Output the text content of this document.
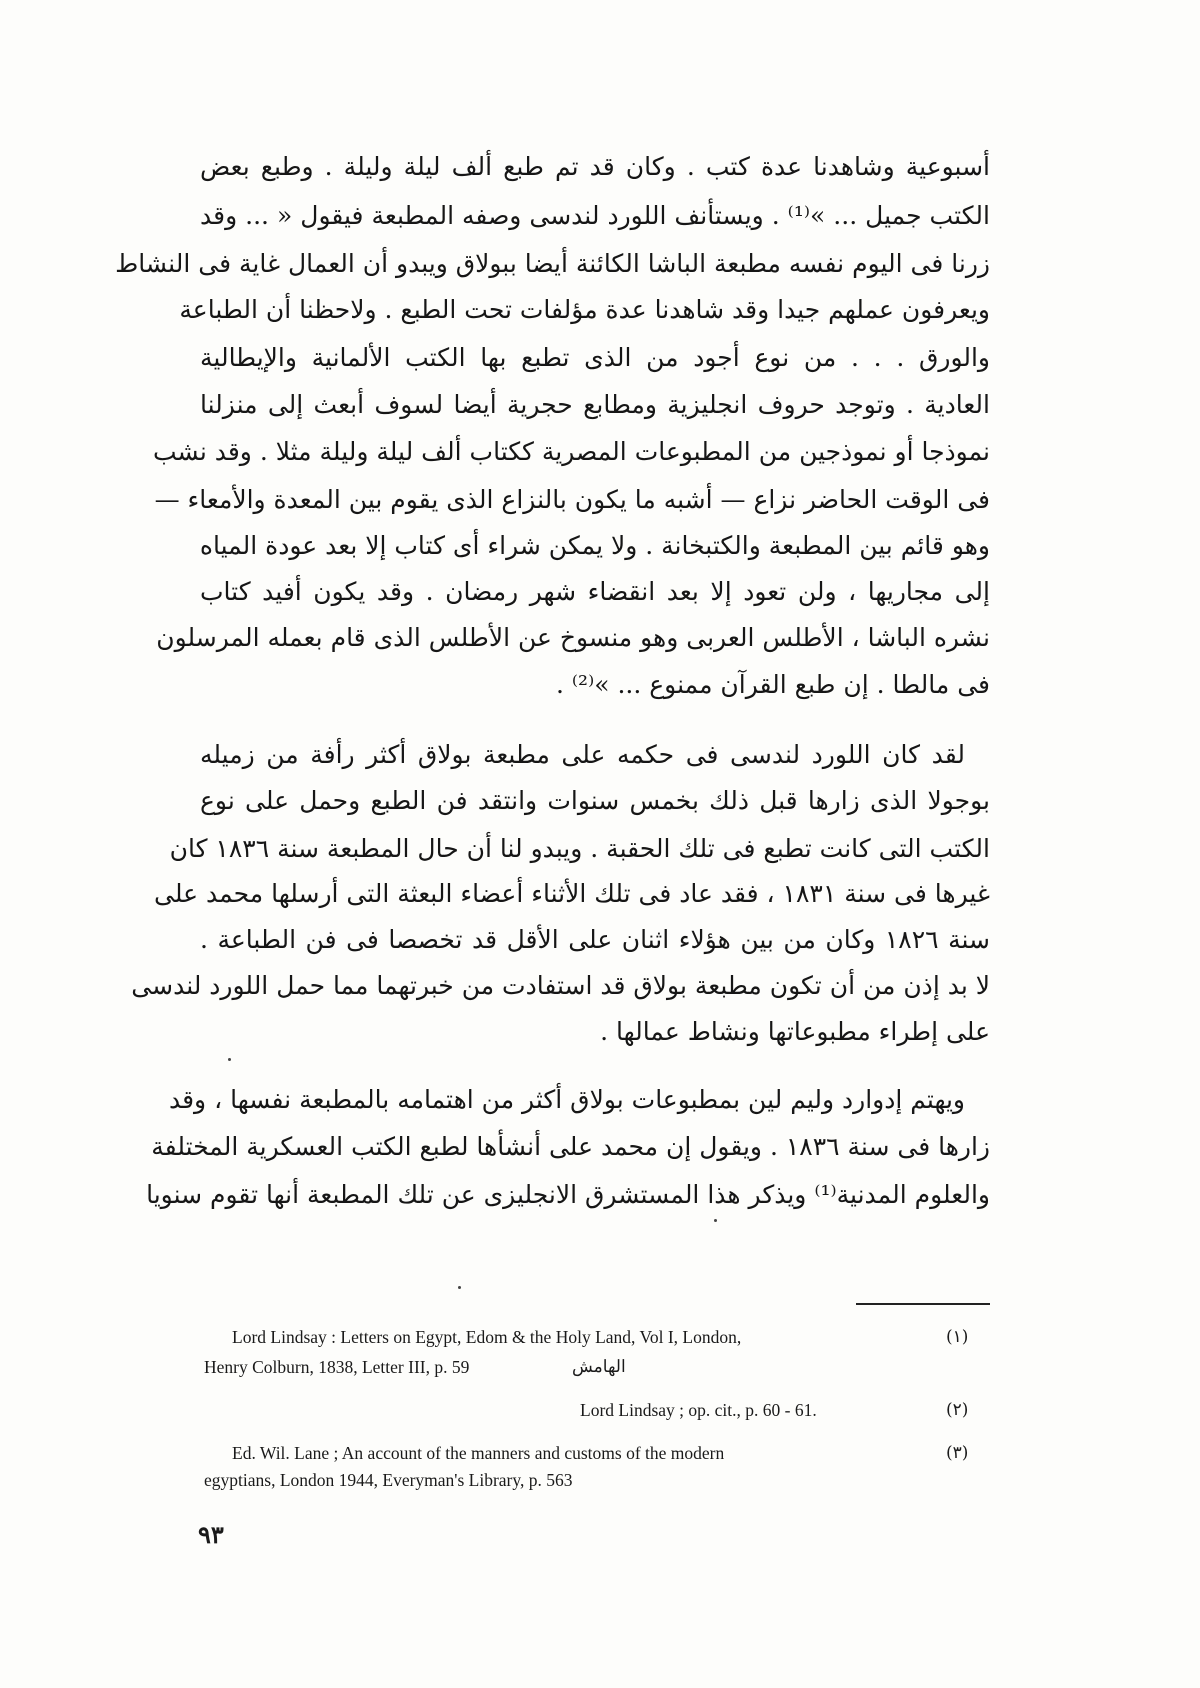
أسبوعية وشاهدنا عدة كتب . وكان قد تم طبع ألف ليلة وليلة . وطبع بعض
الكتب جميل ... »⁽¹⁾ . ويستأنف اللورد لندسى وصفه المطبعة فيقول « ... وقد
زرنا فى اليوم نفسه مطبعة الباشا الكائنة أيضا ببولاق ويبدو أن العمال غاية فى النشاط
ويعرفون عملهم جيدا وقد شاهدنا عدة مؤلفات تحت الطبع . ولاحظنا أن الطباعة
والورق . . . من نوع أجود من الذى تطبع بها الكتب الألمانية والإيطالية
العادية . وتوجد حروف انجليزية ومطابع حجرية أيضا لسوف أبعث إلى منزلنا
نموذجا أو نموذجين من المطبوعات المصرية ككتاب ألف ليلة وليلة مثلا . وقد نشب
فى الوقت الحاضر نزاع — أشبه ما يكون بالنزاع الذى يقوم بين المعدة والأمعاء —
وهو قائم بين المطبعة والكتبخانة . ولا يمكن شراء أى كتاب إلا بعد عودة المياه
إلى مجاريها ، ولن تعود إلا بعد انقضاء شهر رمضان . وقد يكون أفيد كتاب
نشره الباشا ، الأطلس العربى وهو منسوخ عن الأطلس الذى قام بعمله المرسلون
فى مالطا . إن طبع القرآن ممنوع ... »⁽²⁾ .
لقد كان اللورد لندسى فى حكمه على مطبعة بولاق أكثر رأفة من زميله
بوجولا الذى زارها قبل ذلك بخمس سنوات وانتقد فن الطبع وحمل على نوع
الكتب التى كانت تطبع فى تلك الحقبة . ويبدو لنا أن حال المطبعة سنة ١٨٣٦ كان
غيرها فى سنة ١٨٣١ ، فقد عاد فى تلك الأثناء أعضاء البعثة التى أرسلها محمد على
سنة ١٨٢٦ وكان من بين هؤلاء اثنان على الأقل قد تخصصا فى فن الطباعة .
لا بد إذن من أن تكون مطبعة بولاق قد استفادت من خبرتهما مما حمل اللورد لندسى
على إطراء مطبوعاتها ونشاط عمالها .
ويهتم إدوارد وليم لين بمطبوعات بولاق أكثر من اهتمامه بالمطبعة نفسها ، وقد
زارها فى سنة ١٨٣٦ . ويقول إن محمد على أنشأها لطبع الكتب العسكرية المختلفة
والعلوم المدنية⁽¹⁾ ويذكر هذا المستشرق الانجليزى عن تلك المطبعة أنها تقوم سنويا
(١)
Lord Lindsay : Letters on Egypt, Edom & the Holy Land, Vol I, London,
Henry Colburn, 1838, Letter III, p. 59	الهامش
(٢)
Lord Lindsay ; op. cit., p. 60 - 61.
(٣)
Ed. Wil. Lane ; An account of the manners and customs of the modern
egyptians, London 1944, Everyman's Library, p. 563
٩٣
